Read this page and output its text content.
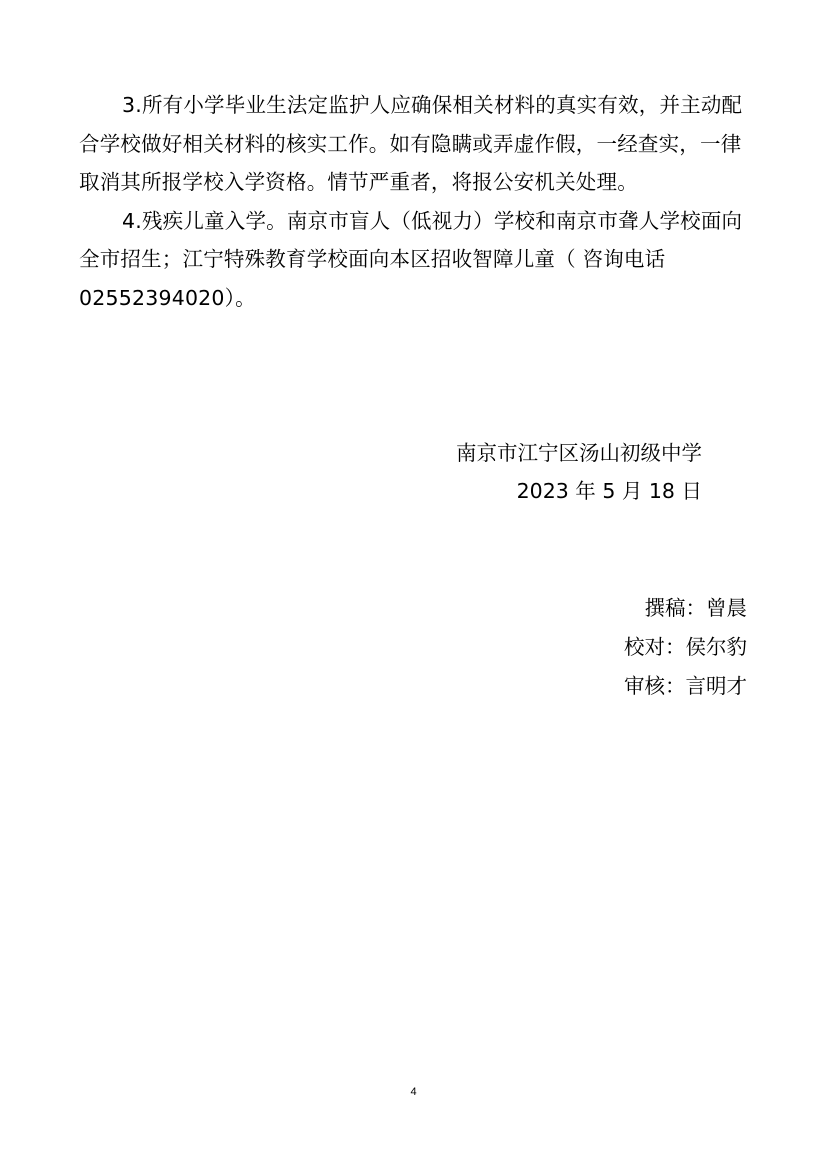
3.所有小学毕业生法定监护人应确保相关材料的真实有效，并主动配合学校做好相关材料的核实工作。如有隐瞒或弄虚作假，一经查实，一律取消其所报学校入学资格。情节严重者，将报公安机关处理。

4.残疾儿童入学。南京市盲人（低视力）学校和南京市聋人学校面向全市招生；江宁特殊教育学校面向本区招收智障儿童（ 咨询电话02552394020）。

南京市江宁区汤山初级中学
2023 年 5 月 18 日
撰稿：曾晨
校对：侯尔豹
审核：言明才
4
